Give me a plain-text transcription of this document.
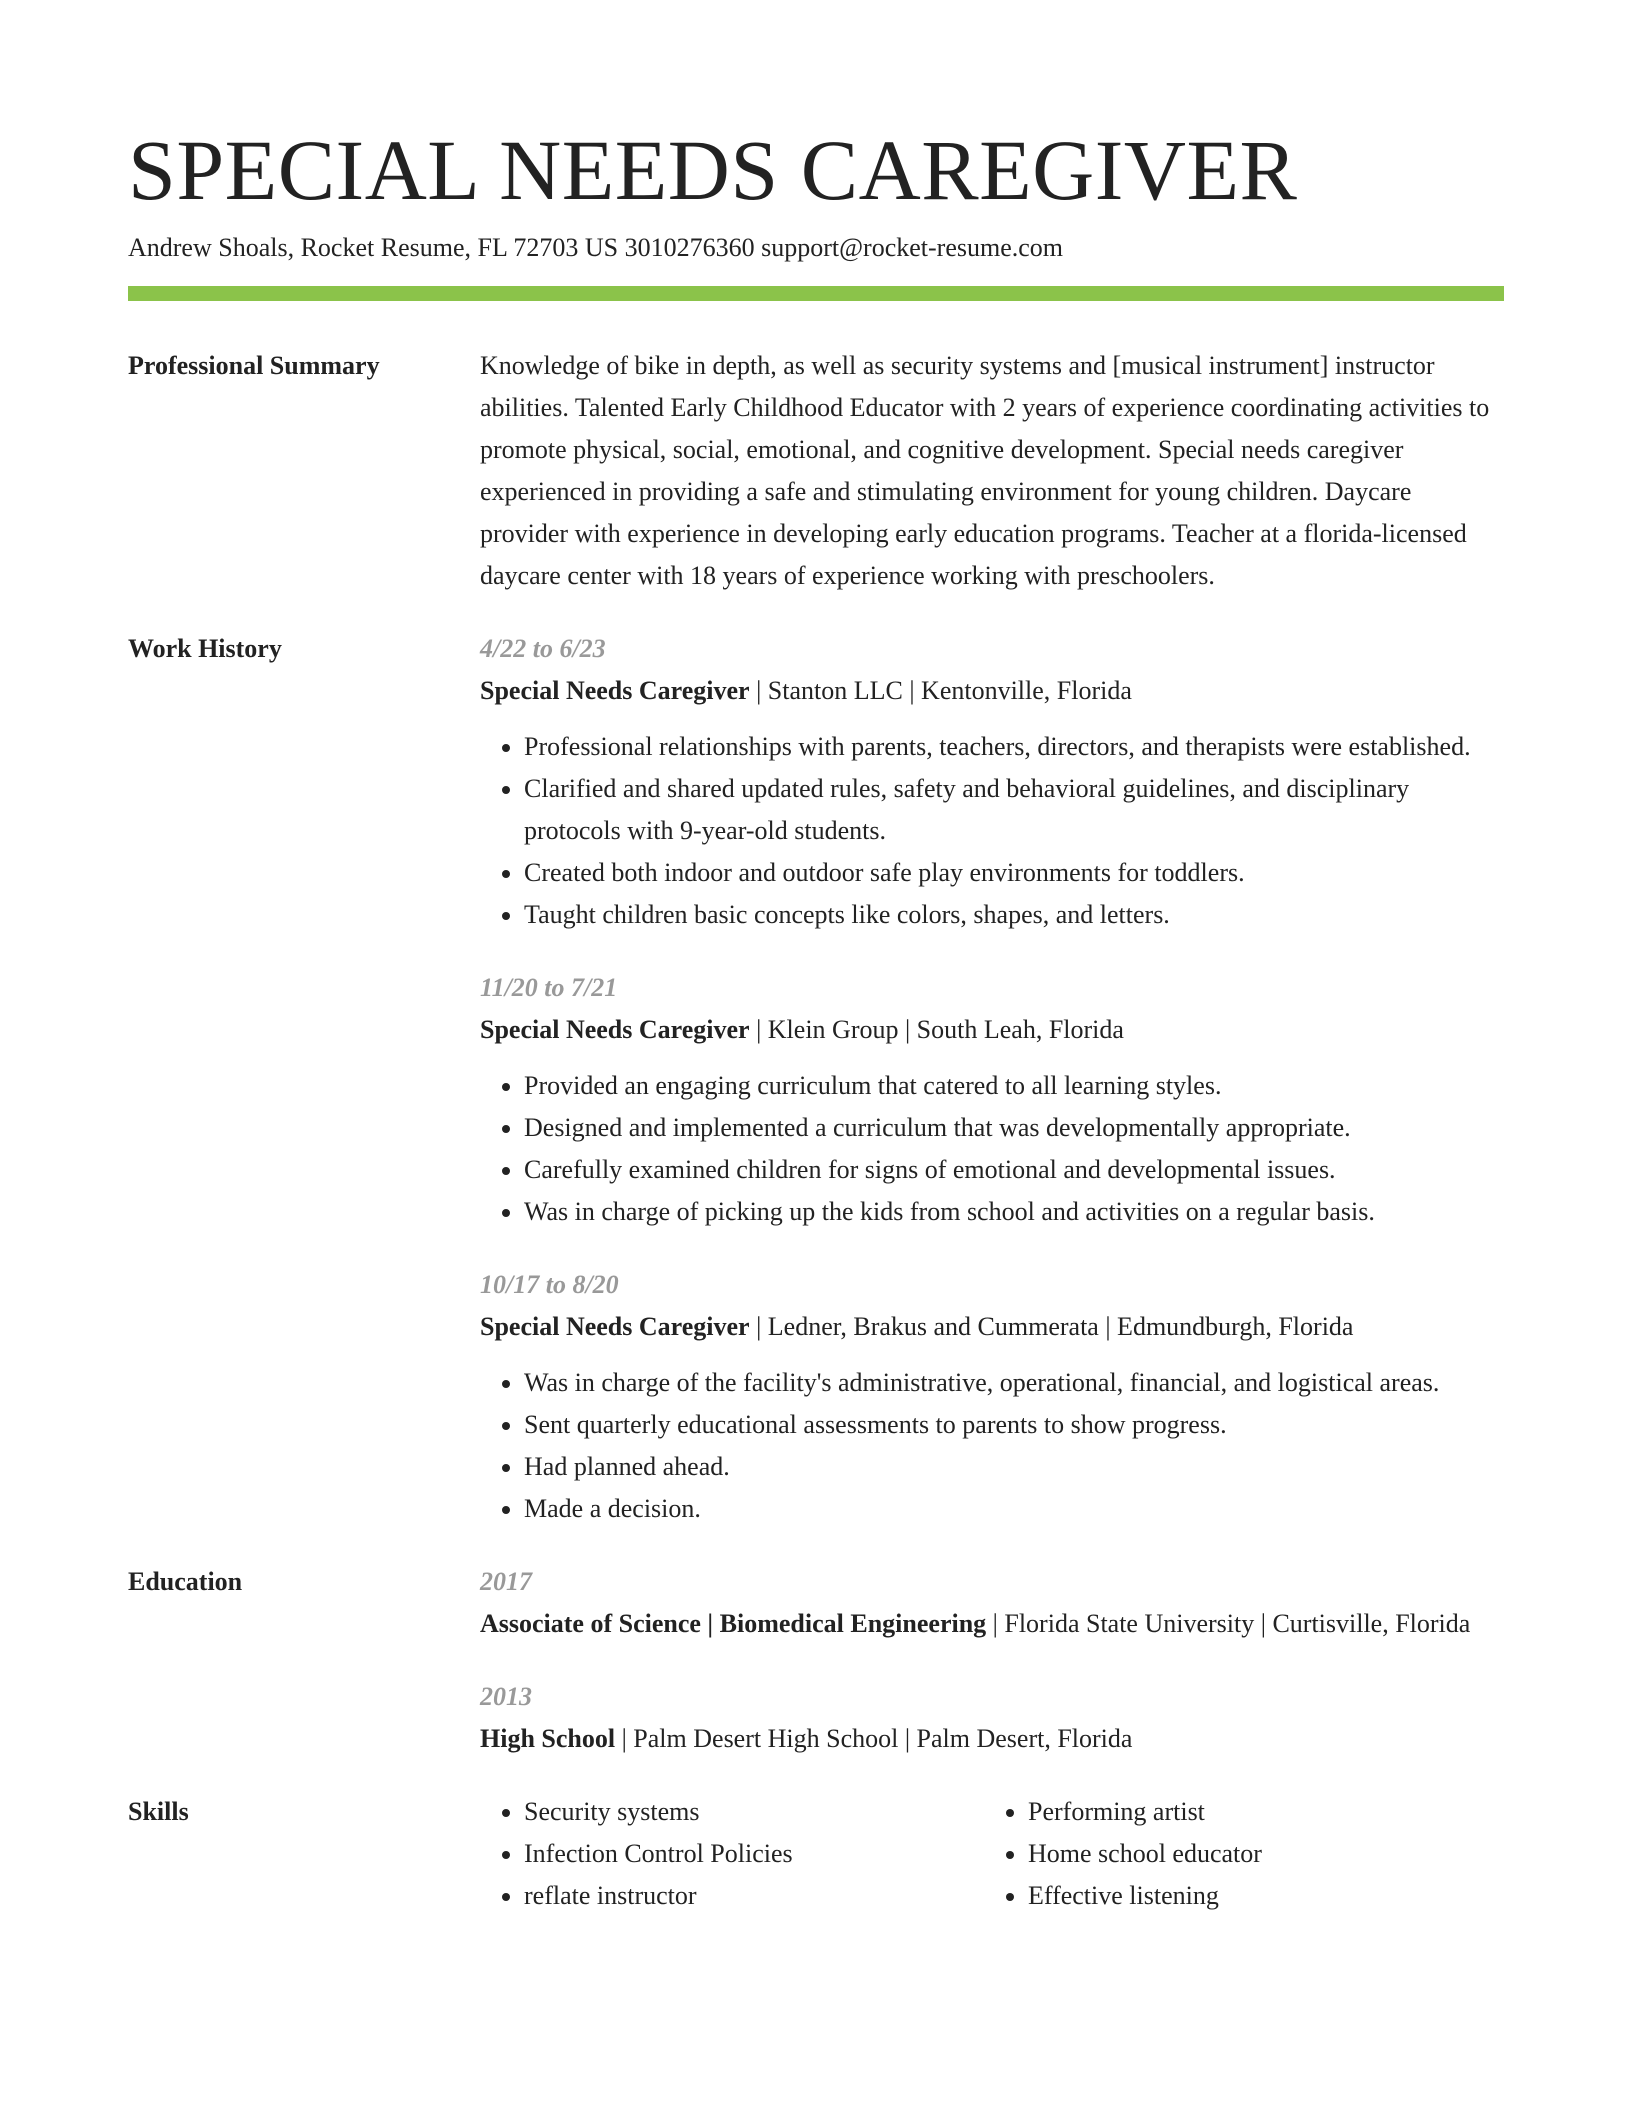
SPECIAL NEEDS CAREGIVER
Andrew Shoals, Rocket Resume, FL 72703 US 3010276360 support@rocket-resume.com
Professional Summary	Knowledge of bike in depth, as well as security systems and [musical instrument] instructor abilities. Talented Early Childhood Educator with 2 years of experience coordinating activities to promote physical, social, emotional, and cognitive development. Special needs caregiver experienced in providing a safe and stimulating environment for young children. Daycare provider with experience in developing early education programs. Teacher at a florida-licensed daycare center with 18 years of experience working with preschoolers.
Work History	4/22 to 6/23
Special Needs Caregiver | Stanton LLC | Kentonville, Florida
• Professional relationships with parents, teachers, directors, and therapists were established.
• Clarified and shared updated rules, safety and behavioral guidelines, and disciplinary protocols with 9-year-old students.
• Created both indoor and outdoor safe play environments for toddlers.
• Taught children basic concepts like colors, shapes, and letters.
11/20 to 7/21
Special Needs Caregiver | Klein Group | South Leah, Florida
• Provided an engaging curriculum that catered to all learning styles.
• Designed and implemented a curriculum that was developmentally appropriate.
• Carefully examined children for signs of emotional and developmental issues.
• Was in charge of picking up the kids from school and activities on a regular basis.
10/17 to 8/20
Special Needs Caregiver | Ledner, Brakus and Cummerata | Edmundburgh, Florida
• Was in charge of the facility's administrative, operational, financial, and logistical areas.
• Sent quarterly educational assessments to parents to show progress.
• Had planned ahead.
• Made a decision.
Education	2017
Associate of Science | Biomedical Engineering | Florida State University | Curtisville, Florida
2013
High School | Palm Desert High School | Palm Desert, Florida
Skills
•	Security systems
• Infection Control Policies
• reflate instructor
• Performing artist
• Home school educator
• Effective listening
